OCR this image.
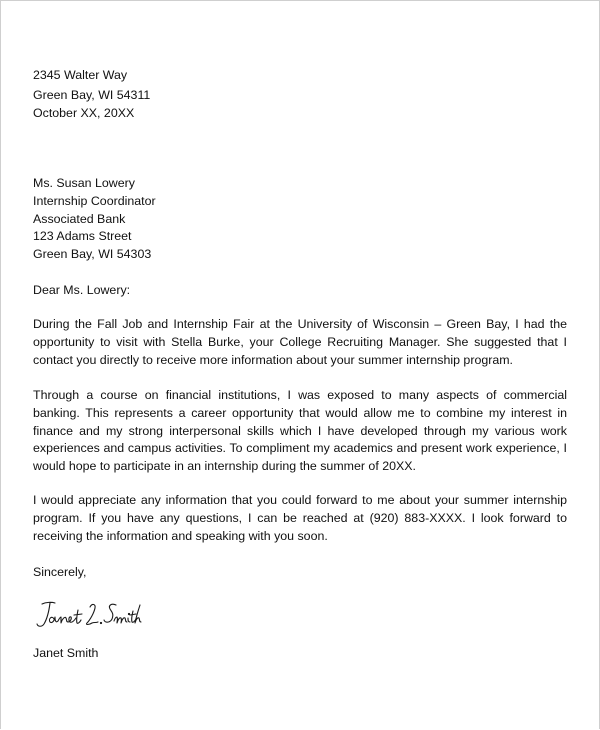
2345 Walter Way
Green Bay, WI 54311
October XX, 20XX
Ms. Susan Lowery
Internship Coordinator
Associated Bank
123 Adams Street
Green Bay, WI 54303
Dear Ms. Lowery:
During the Fall Job and Internship Fair at the University of Wisconsin – Green Bay, I had the opportunity to visit with Stella Burke, your College Recruiting Manager. She suggested that I contact you directly to receive more information about your summer internship program.
Through a course on financial institutions, I was exposed to many aspects of commercial banking. This represents a career opportunity that would allow me to combine my interest in finance and my strong interpersonal skills which I have developed through my various work experiences and campus activities. To compliment my academics and present work experience, I would hope to participate in an internship during the summer of 20XX.
I would appreciate any information that you could forward to me about your summer internship program. If you have any questions, I can be reached at (920) 883-XXXX. I look forward to receiving the information and speaking with you soon.
Sincerely,
Janet Smith
